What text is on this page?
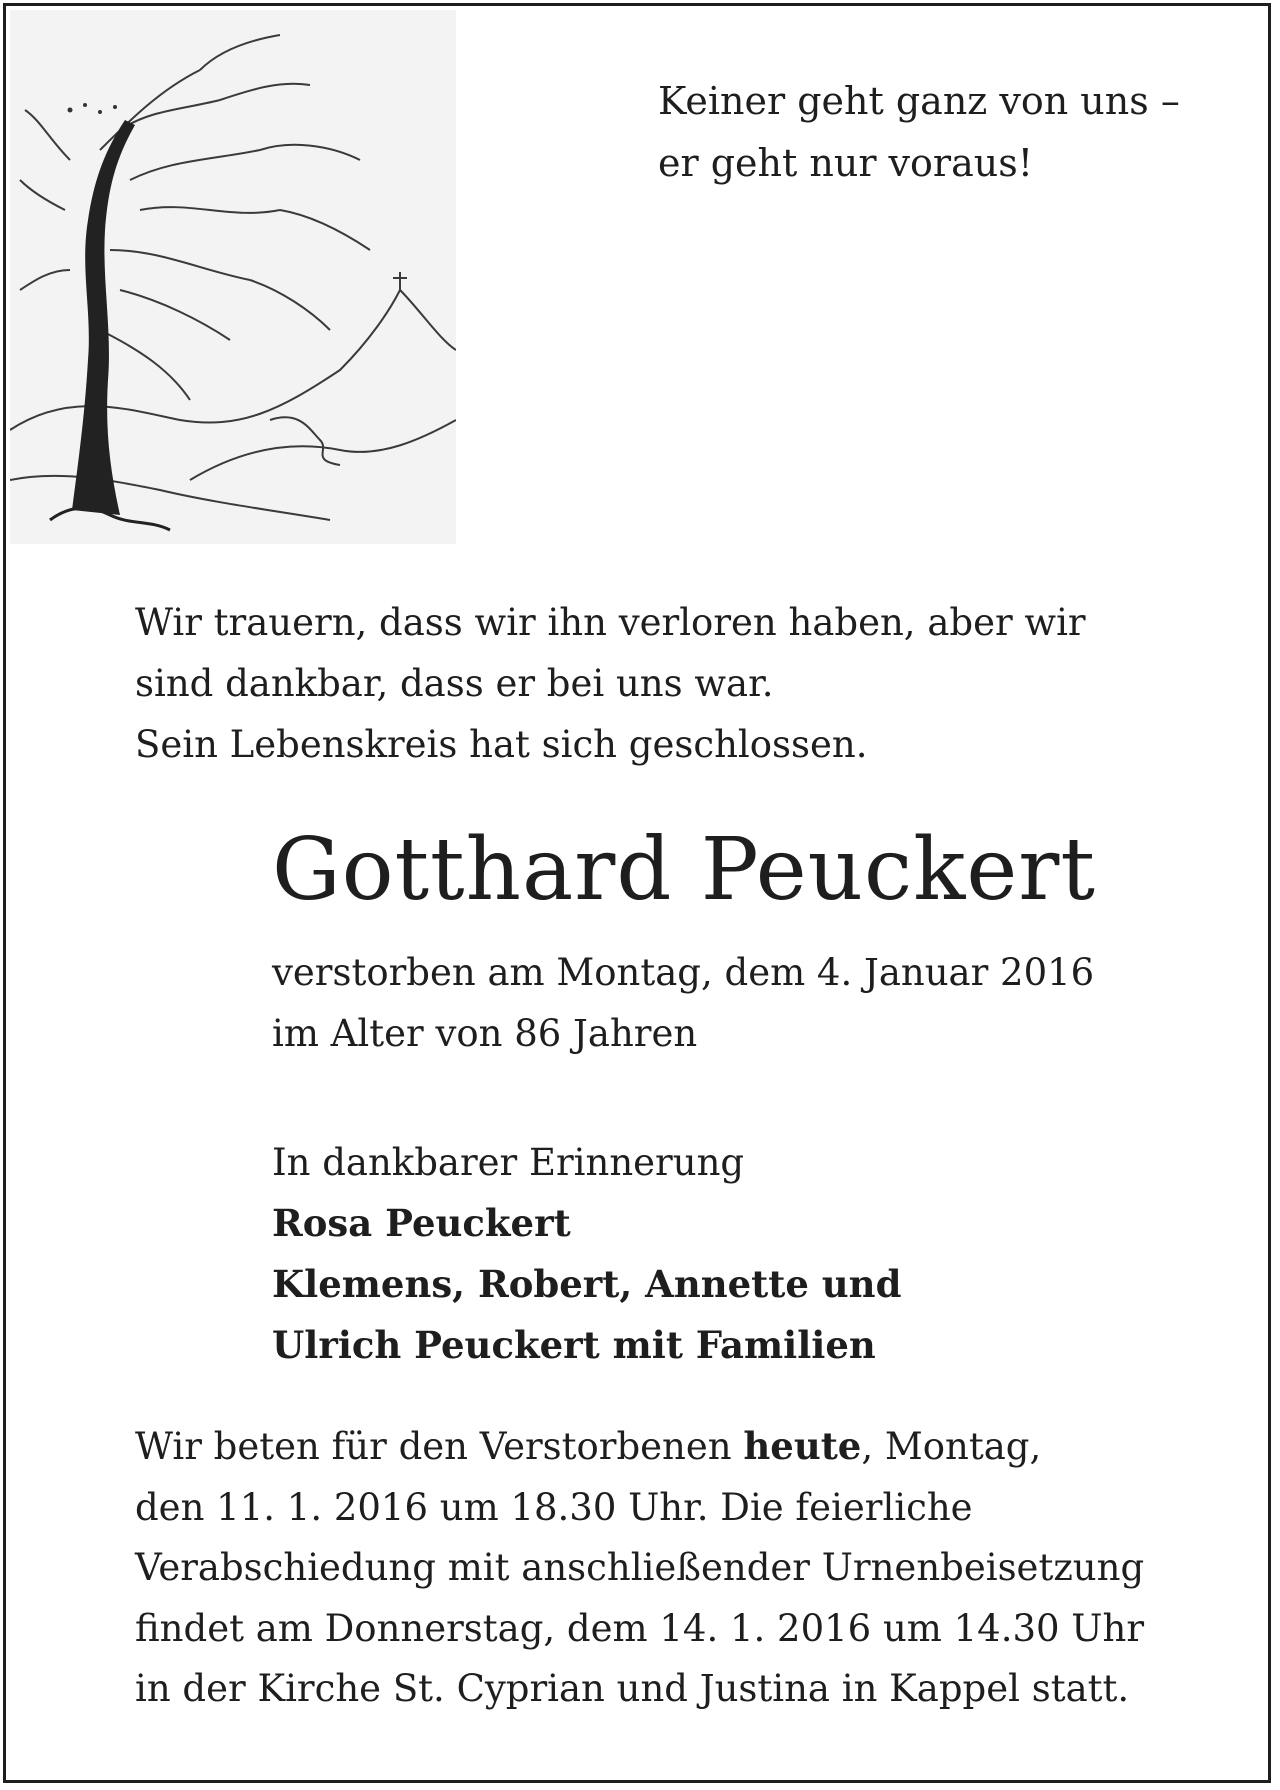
Keiner geht ganz von uns –
er geht nur voraus!
Wir trauern, dass wir ihn verloren haben, aber wir
sind dankbar, dass er bei uns war.
Sein Lebenskreis hat sich geschlossen.
Gotthard Peuckert
verstorben am Montag, dem 4. Januar 2016
im Alter von 86 Jahren
In dankbarer Erinnerung
Rosa Peuckert
Klemens, Robert, Annette und
Ulrich Peuckert mit Familien
Wir beten für den Verstorbenen heute, Montag,
den 11. 1. 2016 um 18.30 Uhr. Die feierliche
Verabschiedung mit anschließender Urnenbeisetzung
findet am Donnerstag, dem 14. 1. 2016 um 14.30 Uhr
in der Kirche St. Cyprian und Justina in Kappel statt.
